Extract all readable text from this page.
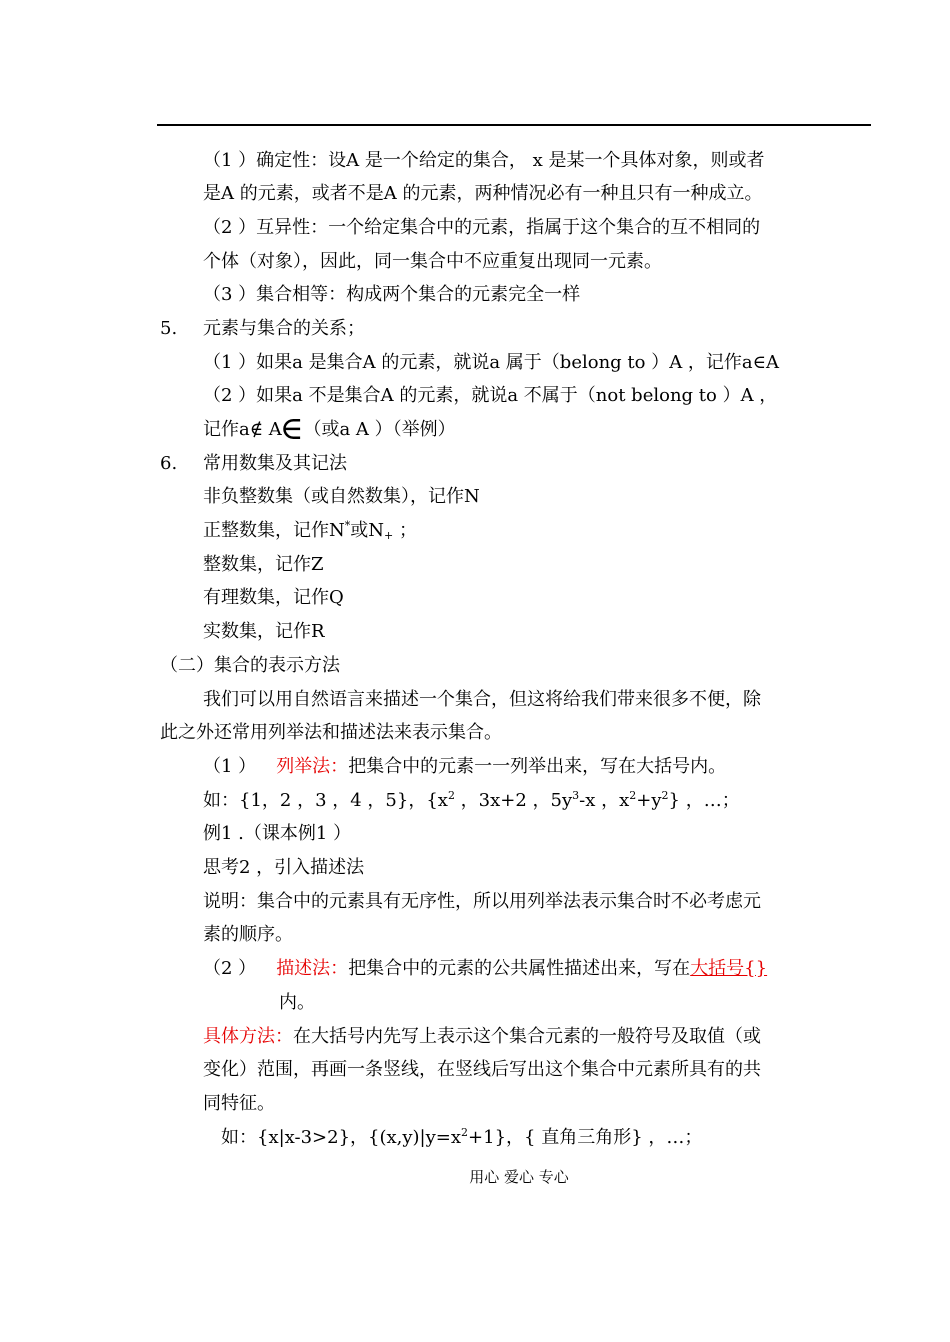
（1 ）确定性：设A 是一个给定的集合， x 是某一个具体对象，则或者
是A 的元素，或者不是A 的元素，两种情况必有一种且只有一种成立。
（2 ）互异性：一个给定集合中的元素，指属于这个集合的互不相同的
个体（对象），因此，同一集合中不应重复出现同一元素。
（3 ）集合相等：构成两个集合的元素完全一样
5. 元素与集合的关系；
（1 ）如果a 是集合A 的元素，就说a 属于（belong to ）A ，记作a∈A
（2 ）如果a 不是集合A 的元素，就说a 不属于（not belong to ）A ，
记作a∉ A∈（或a A ）（举例）
6. 常用数集及其记法
非负整数集（或自然数集），记作N
正整数集，记作N*或$N_+$ ；
整数集，记作Z
有理数集，记作Q
实数集，记作R
（二）集合的表示方法
我们可以用自然语言来描述一个集合，但这将给我们带来很多不便，除
此之外还常用列举法和描述法来表示集合。
（1 ） 列举法：把集合中的元素一一列举出来，写在大括号内。
如：{1，2 ，3 ，4 ，5}，{$x^2$ ，3x+2 ，$5y^3-x$ ，$x^2+y^2$} ，…；
例1 .（课本例1 ）
思考2 ，引入描述法
说明：集合中的元素具有无序性，所以用列举法表示集合时不必考虑元
素的顺序。
（2 ） 描述法：把集合中的元素的公共属性描述出来，写在大括号{}
内。
具体方法：在大括号内先写上表示这个集合元素的一般符号及取值（或
变化）范围，再画一条竖线，在竖线后写出这个集合中元素所具有的共
同特征。
如：{x|x-3>2}，$\{(x,y)|y=x^2+1\}$，{ 直角三角形} ，…；
用心 爱心 专心
